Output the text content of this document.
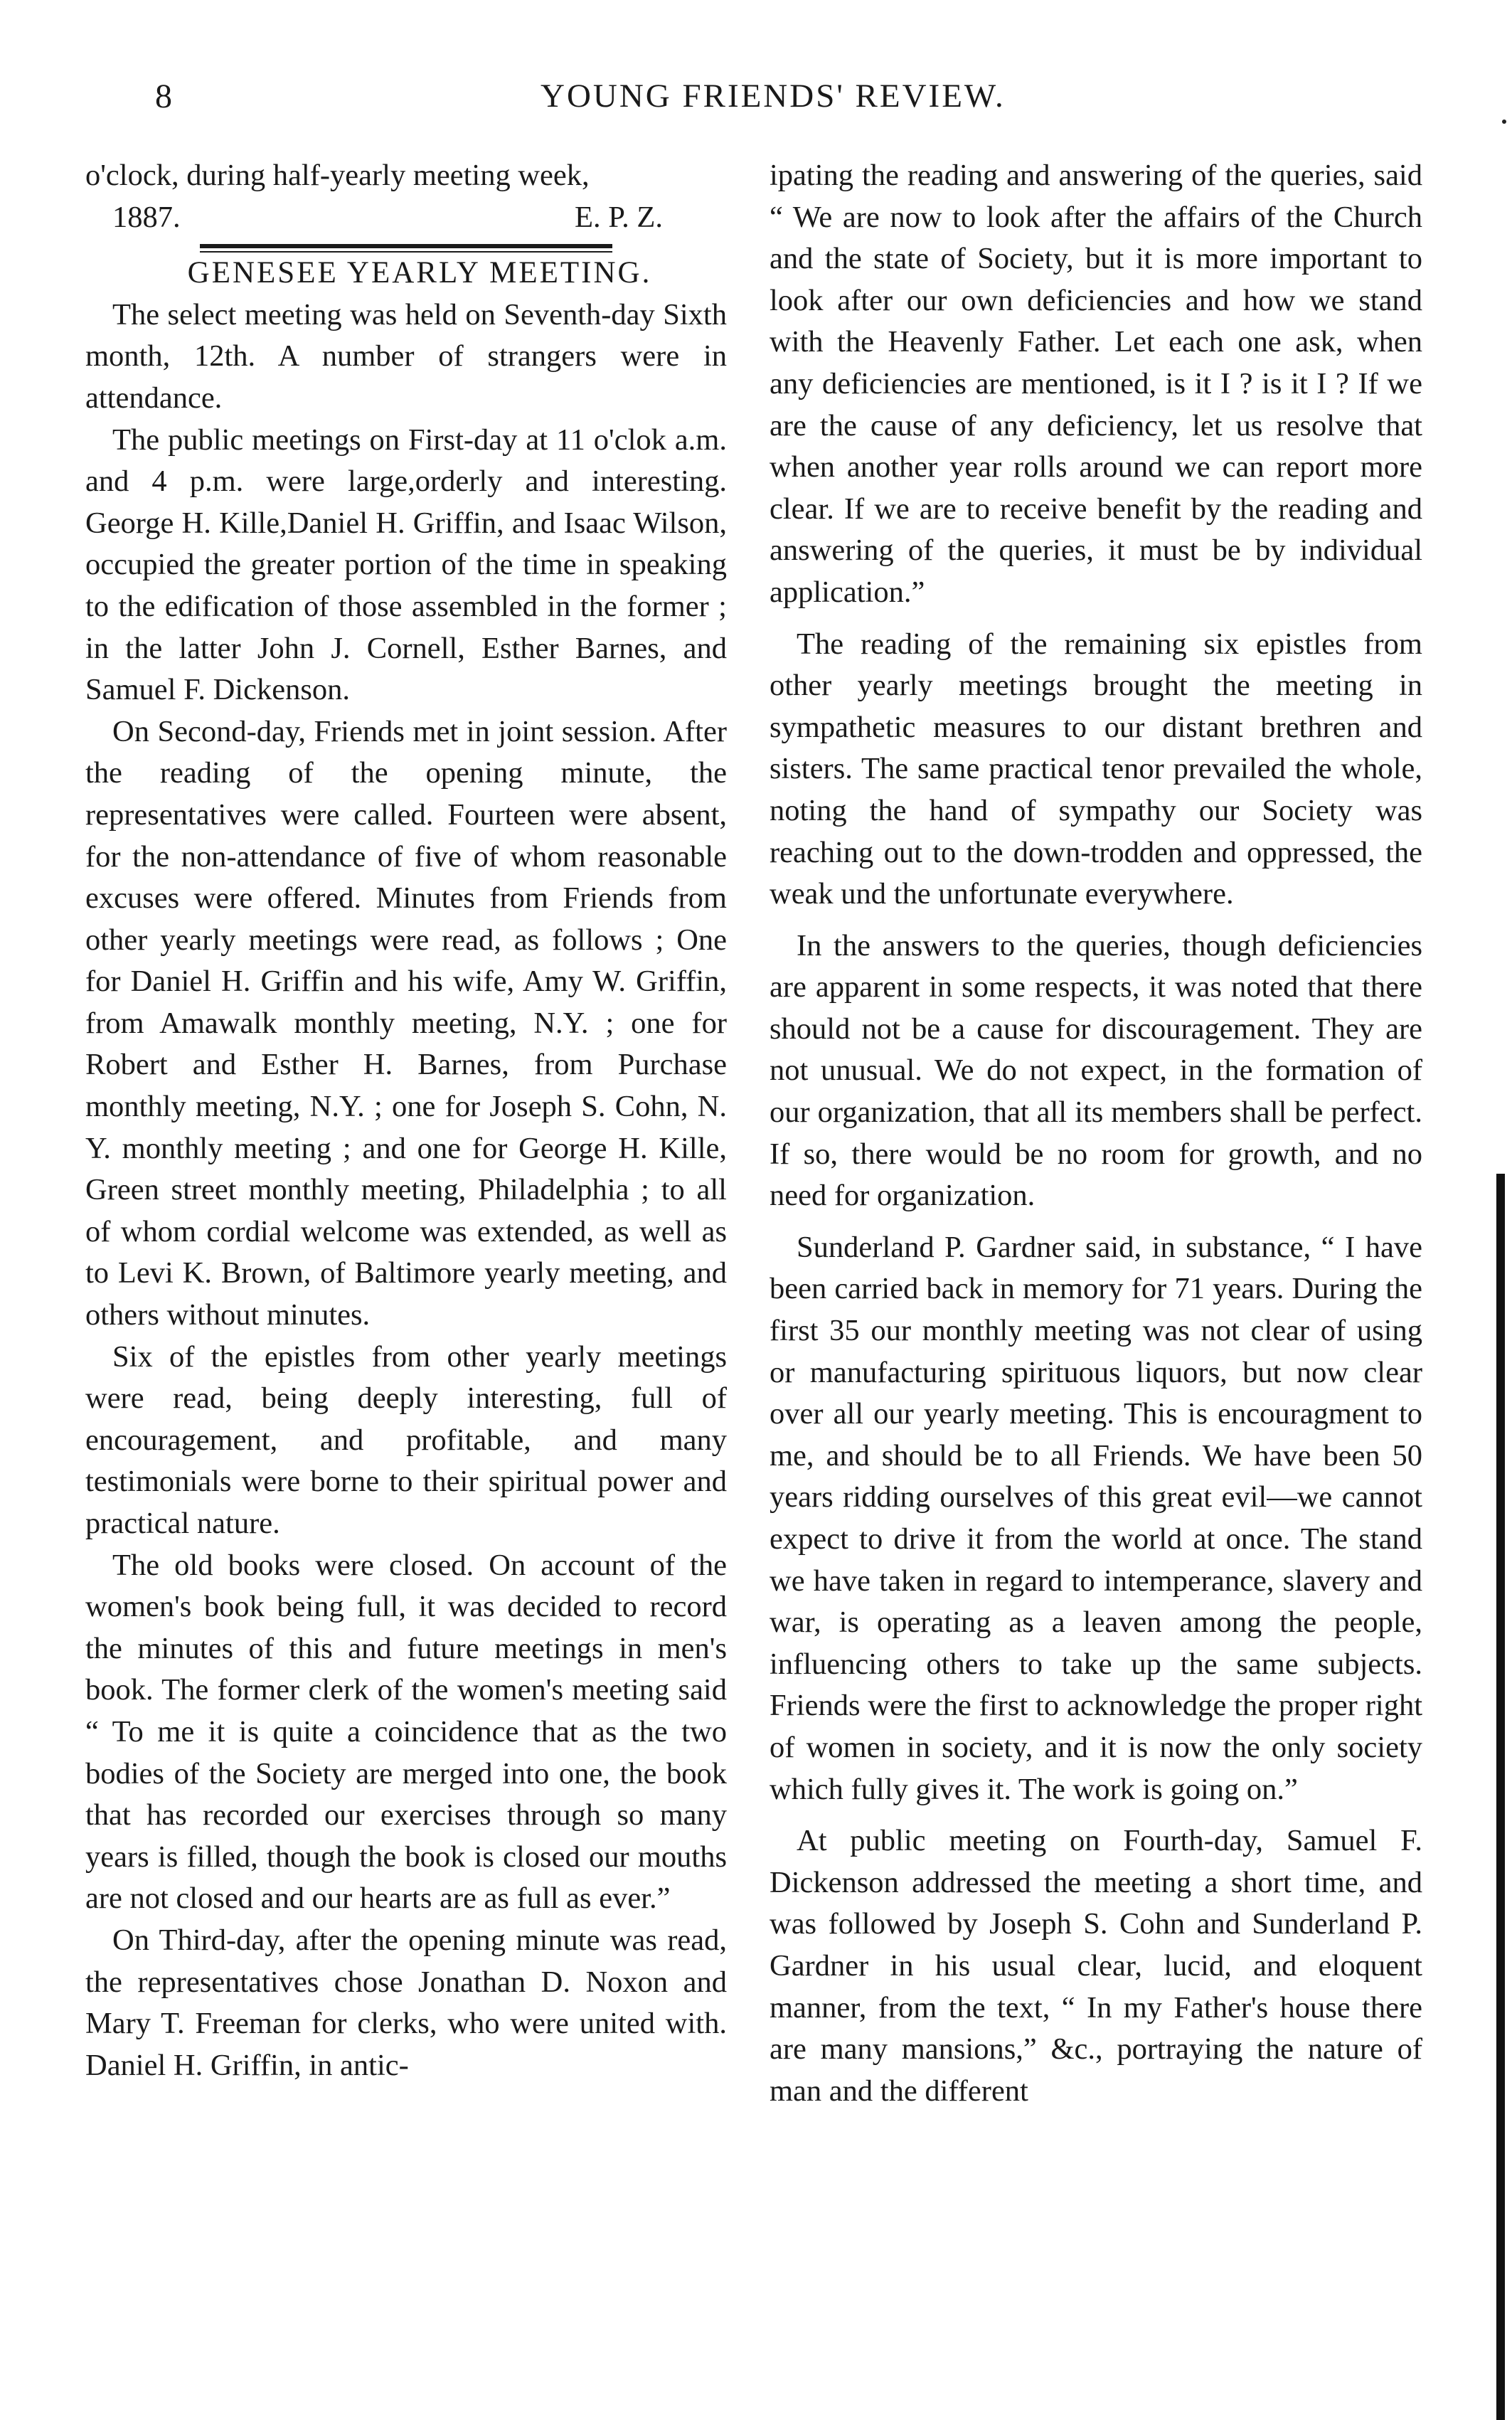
8	YOUNG FRIENDS' REVIEW.

o'clock, during half-yearly meeting week,

1887.	E. P. Z.

GENESEE YEARLY MEETING.

The select meeting was held on Seventh-day Sixth month, 12th. A number of strangers were in attendance.

The public meetings on First-day at 11 o'clok a.m. and 4 p.m. were large,orderly and interesting. George H. Kille,Daniel H. Griffin, and Isaac Wilson, occupied the greater portion of the time in speaking to the edification of those assembled in the former ; in the latter John J. Cornell, Esther Barnes, and Samuel F. Dickenson.

On Second-day, Friends met in joint session. After the reading of the opening minute, the representatives were called. Fourteen were absent, for the non-attendance of five of whom reasonable excuses were offered. Minutes from Friends from other yearly meetings were read, as follows ; One for Daniel H. Griffin and his wife, Amy W. Griffin, from Amawalk monthly meeting, N.Y. ; one for Robert and Esther H. Barnes, from Purchase monthly meeting, N.Y. ; one for Joseph S. Cohn, N. Y. monthly meeting ; and one for George H. Kille, Green street monthly meeting, Philadelphia ; to all of whom cordial welcome was extended, as well as to Levi K. Brown, of Baltimore yearly meeting, and others without minutes.

Six of the epistles from other yearly meetings were read, being deeply interesting, full of encouragement, and profitable, and many testimonials were borne to their spiritual power and practical nature.

The old books were closed. On account of the women's book being full, it was decided to record the minutes of this and future meetings in men's book. The former clerk of the women's meeting said “ To me it is quite a coincidence that as the two bodies of the Society are merged into one, the book that has recorded our exercises through so many years is filled, though the book is closed our mouths are not closed and our hearts are as full as ever.”

On Third-day, after the opening minute was read, the representatives chose Jonathan D. Noxon and Mary T. Freeman for clerks, who were united with. Daniel H. Griffin, in antic-

ipating the reading and answering of the queries, said “ We are now to look after the affairs of the Church and the state of Society, but it is more important to look after our own deficiencies and how we stand with the Heavenly Father. Let each one ask, when any deficiencies are mentioned, is it I ? is it I ? If we are the cause of any deficiency, let us resolve that when another year rolls around we can report more clear. If we are to receive benefit by the reading and answering of the queries, it must be by individual application.”

The reading of the remaining six epistles from other yearly meetings brought the meeting in sympathetic measures to our distant brethren and sisters. The same practical tenor prevailed the whole, noting the hand of sympathy our Society was reaching out to the down-trodden and oppressed, the weak und the unfortunate everywhere.

In the answers to the queries, though deficiencies are apparent in some respects, it was noted that there should not be a cause for discouragement. They are not unusual. We do not expect, in the formation of our organization, that all its members shall be perfect. If so, there would be no room for growth, and no need for organization.

Sunderland P. Gardner said, in substance, “ I have been carried back in memory for 71 years. During the first 35 our monthly meeting was not clear of using or manufacturing spirituous liquors, but now clear over all our yearly meeting. This is encouragment to me, and should be to all Friends. We have been 50 years ridding ourselves of this great evil—we cannot expect to drive it from the world at once. The stand we have taken in regard to intemperance, slavery and war, is operating as a leaven among the people, influencing others to take up the same subjects. Friends were the first to acknowledge the proper right of women in society, and it is now the only society which fully gives it. The work is going on.”

At public meeting on Fourth-day, Samuel F. Dickenson addressed the meeting a short time, and was followed by Joseph S. Cohn and Sunderland P. Gardner in his usual clear, lucid, and eloquent manner, from the text, “ In my Father's house there are many mansions,” &c., portraying the nature of man and the different
